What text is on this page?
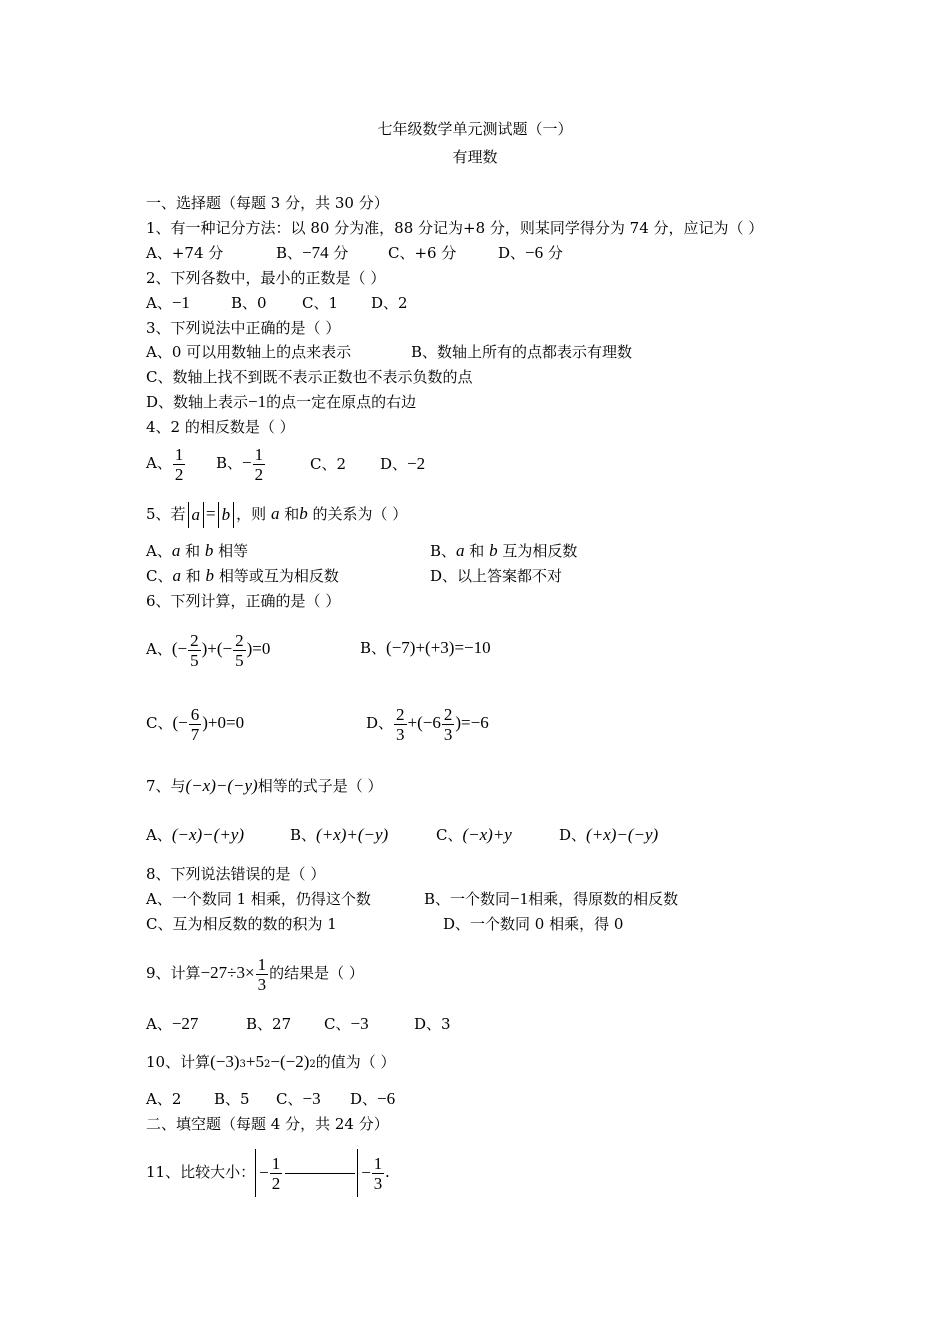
七年级数学单元测试题（一）
有理数
一、选择题（每题 3 分，共 30 分）
1、有一种记分方法：以 80 分为准，88 分记为+8 分，则某同学得分为 74 分，应记为（ ）
A、+74 分	B、−74 分	C、+6 分	D、−6 分
2、下列各数中，最小的正数是（ ）
A、−1	B、0 C、1 D、2
3、下列说法中正确的是（ ）
A、0 可以用数轴上的点来表示	B、数轴上所有的点都表示有理数
C、数轴上找不到既不表示正数也不表示负数的点
D、数轴上表示−1的点一定在原点的右边
4、2 的相反数是（ ）
A、 $\frac{1}{2}$ B、− $\frac{1}{2}$	C、2 D、−2
5、若 a = b ，则 a 和b 的关系为（ ）
A、a 和 b 相等	B、a 和 b 互为相反数
C、a 和 b 相等或互为相反数	D、以上答案都不对
6、下列计算，正确的是（ ）
A、(− $\frac{2}{5}$ )+(− $\frac{2}{5} )=0$	B、(−7)+(+3)=−10
C、(− $\frac{6}{7} )+0=0$	D、 $\frac{2}{3} +(-6 \frac{2}{3} )=-6$
7、与(−x)−(−y)相等的式子是（ ）
A、(−x)−(+y)	B、(+x)+(−y)	C、(−x)+y	D、(+x)−(−y)
8、下列说法错误的是（ ）
A、一个数同 1 相乘，仍得这个数	B、一个数同−1相乘，得原数的相反数
C、互为相反数的数的积为 1	D、一个数同 0 相乘，得 0
9、计算$-27\div 3\times \frac{1}{3}$ 的结果是（ ）
A、−27	B、27 C、−3	D、3
10、计算(−3)3+52−(−2)2的值为（ ）
A、2 B、5 C、−3 D、−6
二、填空题（每题 4 分，共 24 分）
11、比较大小： − $\frac{1}{2}$	− $\frac{1}{3}$ .
